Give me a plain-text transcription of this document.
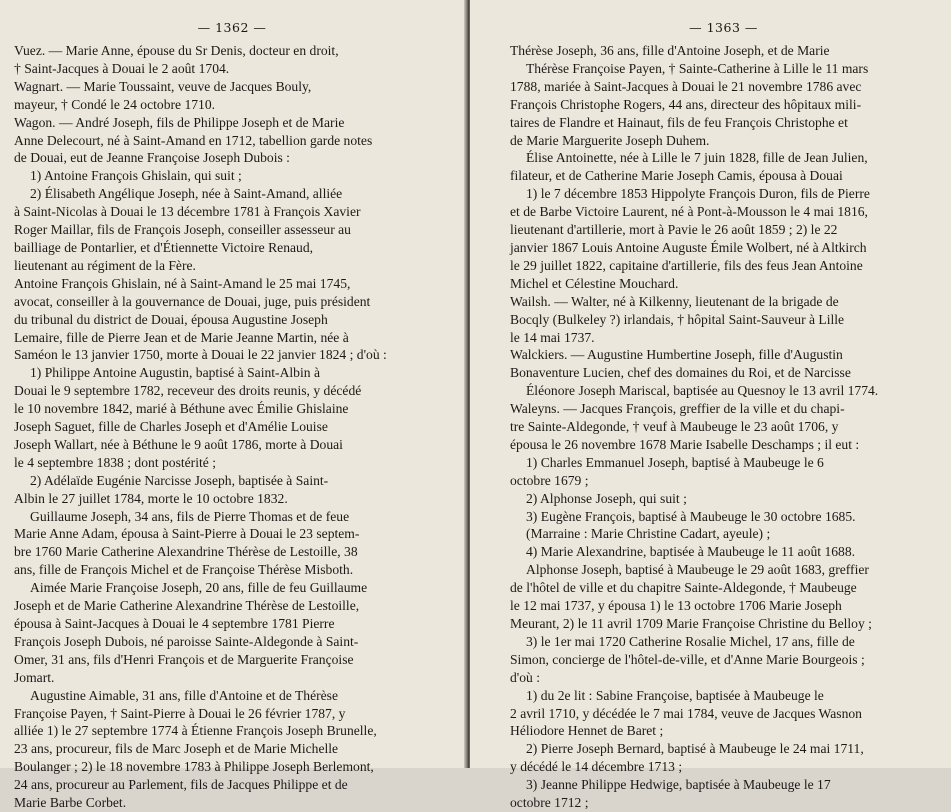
— 1362 —
Vuez. — Marie Anne, épouse du Sr Denis, docteur en droit,
† Saint-Jacques à Douai le 2 août 1704.
Wagnart. — Marie Toussaint, veuve de Jacques Bouly,
mayeur, † Condé le 24 octobre 1710.
Wagon. — André Joseph, fils de Philippe Joseph et de Marie
Anne Delecourt, né à Saint-Amand en 1712, tabellion garde notes
de Douai, eut de Jeanne Françoise Joseph Dubois :
1) Antoine François Ghislain, qui suit ;
2) Élisabeth Angélique Joseph, née à Saint-Amand, alliée
à Saint-Nicolas à Douai le 13 décembre 1781 à François Xavier
Roger Maillar, fils de François Joseph, conseiller assesseur au
bailliage de Pontarlier, et d'Étiennette Victoire Renaud,
lieutenant au régiment de la Fère.
Antoine François Ghislain, né à Saint-Amand le 25 mai 1745,
avocat, conseiller à la gouvernance de Douai, juge, puis président
du tribunal du district de Douai, épousa Augustine Joseph
Lemaire, fille de Pierre Jean et de Marie Jeanne Martin, née à
Saméon le 13 janvier 1750, morte à Douai le 22 janvier 1824 ; d'où :
1) Philippe Antoine Augustin, baptisé à Saint-Albin à
Douai le 9 septembre 1782, receveur des droits reunis, y décédé
le 10 novembre 1842, marié à Béthune avec Émilie Ghislaine
Joseph Saguet, fille de Charles Joseph et d'Amélie Louise
Joseph Wallart, née à Béthune le 9 août 1786, morte à Douai
le 4 septembre 1838 ; dont postérité ;
2) Adélaïde Eugénie Narcisse Joseph, baptisée à Saint-
Albin le 27 juillet 1784, morte le 10 octobre 1832.
Guillaume Joseph, 34 ans, fils de Pierre Thomas et de feue
Marie Anne Adam, épousa à Saint-Pierre à Douai le 23 septem-
bre 1760 Marie Catherine Alexandrine Thérèse de Lestoille, 38
ans, fille de François Michel et de Françoise Thérèse Misboth.
Aimée Marie Françoise Joseph, 20 ans, fille de feu Guillaume
Joseph et de Marie Catherine Alexandrine Thérèse de Lestoille,
épousa à Saint-Jacques à Douai le 4 septembre 1781 Pierre
François Joseph Dubois, né paroisse Sainte-Aldegonde à Saint-
Omer, 31 ans, fils d'Henri François et de Marguerite Françoise
Jomart.
Augustine Aimable, 31 ans, fille d'Antoine et de Thérèse
Françoise Payen, † Saint-Pierre à Douai le 26 février 1787, y
alliée 1) le 27 septembre 1774 à Étienne François Joseph Brunelle,
23 ans, procureur, fils de Marc Joseph et de Marie Michelle
Boulanger ; 2) le 18 novembre 1783 à Philippe Joseph Berlemont,
24 ans, procureur au Parlement, fils de Jacques Philippe et de
Marie Barbe Corbet.
— 1363 —
Thérèse Joseph, 36 ans, fille d'Antoine Joseph, et de Marie
Thérèse Françoise Payen, † Sainte-Catherine à Lille le 11 mars
1788, mariée à Saint-Jacques à Douai le 21 novembre 1786 avec
François Christophe Rogers, 44 ans, directeur des hôpitaux mili-
taires de Flandre et Hainaut, fils de feu François Christophe et
de Marie Marguerite Joseph Duhem.
Élise Antoinette, née à Lille le 7 juin 1828, fille de Jean Julien,
filateur, et de Catherine Marie Joseph Camis, épousa à Douai
1) le 7 décembre 1853 Hippolyte François Duron, fils de Pierre
et de Barbe Victoire Laurent, né à Pont-à-Mousson le 4 mai 1816,
lieutenant d'artillerie, mort à Pavie le 26 août 1859 ; 2) le 22
janvier 1867 Louis Antoine Auguste Émile Wolbert, né à Altkirch
le 29 juillet 1822, capitaine d'artillerie, fils des feus Jean Antoine
Michel et Célestine Mouchard.
Wailsh. — Walter, né à Kilkenny, lieutenant de la brigade de
Bocqly (Bulkeley ?) irlandais, † hôpital Saint-Sauveur à Lille
le 14 mai 1737.
Walckiers. — Augustine Humbertine Joseph, fille d'Augustin
Bonaventure Lucien, chef des domaines du Roi, et de Narcisse
Éléonore Joseph Mariscal, baptisée au Quesnoy le 13 avril 1774.
Waleyns. — Jacques François, greffier de la ville et du chapi-
tre Sainte-Aldegonde, † veuf à Maubeuge le 23 août 1706, y
épousa le 26 novembre 1678 Marie Isabelle Deschamps ; il eut :
1) Charles Emmanuel Joseph, baptisé à Maubeuge le 6
octobre 1679 ;
2) Alphonse Joseph, qui suit ;
3) Eugène François, baptisé à Maubeuge le 30 octobre 1685.
(Marraine : Marie Christine Cadart, ayeule) ;
4) Marie Alexandrine, baptisée à Maubeuge le 11 août 1688.
Alphonse Joseph, baptisé à Maubeuge le 29 août 1683, greffier
de l'hôtel de ville et du chapitre Sainte-Aldegonde, † Maubeuge
le 12 mai 1737, y épousa 1) le 13 octobre 1706 Marie Joseph
Meurant, 2) le 11 avril 1709 Marie Françoise Christine du Belloy ;
3) le 1er mai 1720 Catherine Rosalie Michel, 17 ans, fille de
Simon, concierge de l'hôtel-de-ville, et d'Anne Marie Bourgeois ;
d'où :
1) du 2e lit : Sabine Françoise, baptisée à Maubeuge le
2 avril 1710, y décédée le 7 mai 1784, veuve de Jacques Wasnon
Héliodore Hennet de Baret ;
2) Pierre Joseph Bernard, baptisé à Maubeuge le 24 mai 1711,
y décédé le 14 décembre 1713 ;
3) Jeanne Philippe Hedwige, baptisée à Maubeuge le 17
octobre 1712 ;
